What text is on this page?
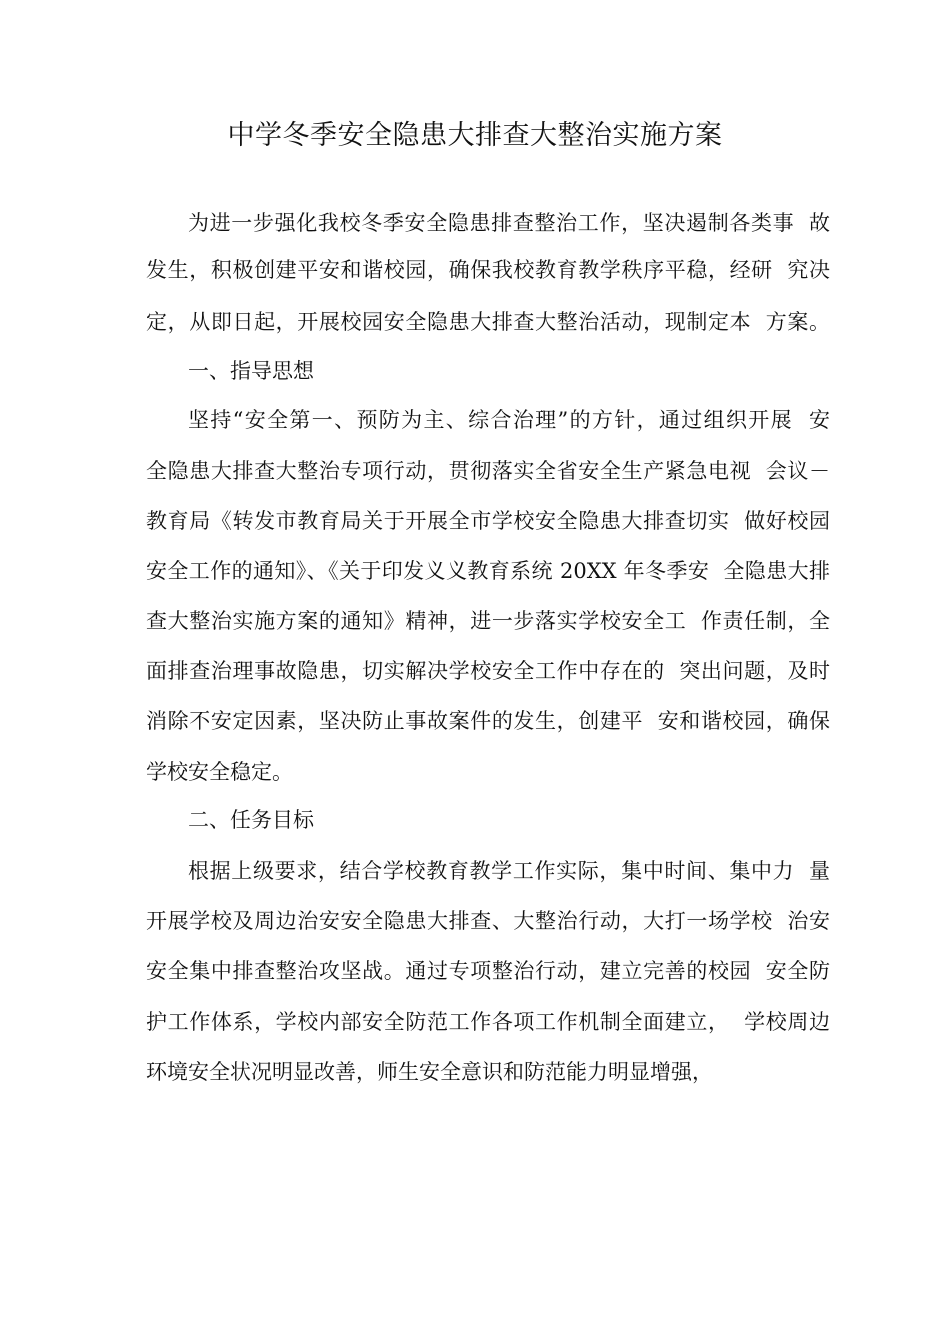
中学冬季安全隐患大排查大整治实施方案
为进一步强化我校冬季安全隐患排查整治工作，坚决遏制各类事  故
发生，积极创建平安和谐校园，确保我校教育教学秩序平稳，经研  究决
定，从即日起，开展校园安全隐患大排查大整治活动，现制定本  方案。
一、指导思想
坚持“安全第一、预防为主、综合治理”的方针，通过组织开展  安
全隐患大排查大整治专项行动，贯彻落实全省安全生产紧急电视  会议－
教育局《转发市教育局关于开展全市学校安全隐患大排查切实  做好校园
安全工作的通知》、《关于印发义义教育系统 20XX 年冬季安  全隐患大排
查大整治实施方案的通知》精神，进一步落实学校安全工  作责任制，全
面排查治理事故隐患，切实解决学校安全工作中存在的  突出问题，及时
消除不安定因素，坚决防止事故案件的发生，创建平  安和谐校园，确保
学校安全稳定。
二、任务目标
根据上级要求，结合学校教育教学工作实际，集中时间、集中力  量
开展学校及周边治安安全隐患大排查、大整治行动，大打一场学校  治安
安全集中排查整治攻坚战。通过专项整治行动，建立完善的校园  安全防
护工作体系，学校内部安全防范工作各项工作机制全面建立，  学校周边
环境安全状况明显改善，师生安全意识和防范能力明显增强，
